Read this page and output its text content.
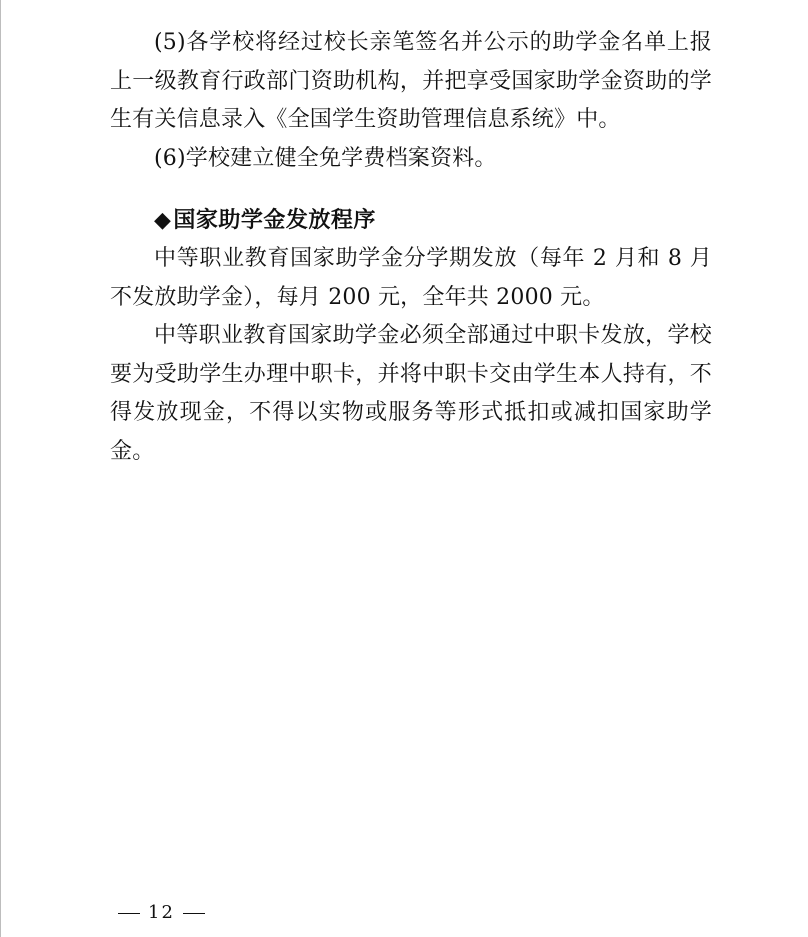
(5)各学校将经过校长亲笔签名并公示的助学金名单上报上一级教育行政部门资助机构，并把享受国家助学金资助的学生有关信息录入《全国学生资助管理信息系统》中。

(6)学校建立健全免学费档案资料。

◆国家助学金发放程序

中等职业教育国家助学金分学期发放（每年 2 月和 8 月不发放助学金），每月 200 元，全年共 2000 元。

中等职业教育国家助学金必须全部通过中职卡发放，学校要为受助学生办理中职卡，并将中职卡交由学生本人持有，不得发放现金，不得以实物或服务等形式抵扣或减扣国家助学金。

12
